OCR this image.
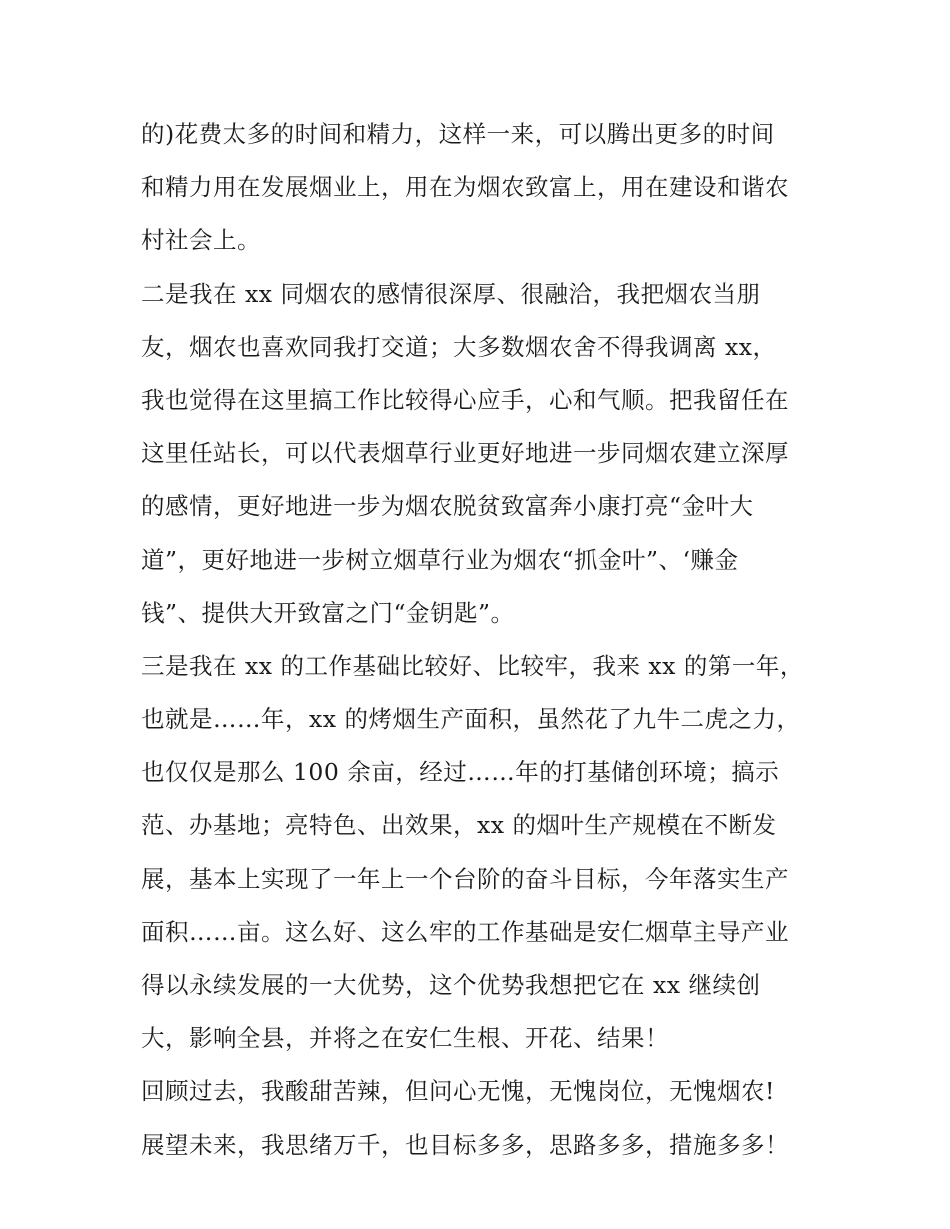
的)花费太多的时间和精力，这样一来，可以腾出更多的时间
和精力用在发展烟业上，用在为烟农致富上，用在建设和谐农
村社会上。
二是我在 xx 同烟农的感情很深厚、很融洽，我把烟农当朋
友，烟农也喜欢同我打交道；大多数烟农舍不得我调离 xx，
我也觉得在这里搞工作比较得心应手，心和气顺。把我留任在
这里任站长，可以代表烟草行业更好地进一步同烟农建立深厚
的感情，更好地进一步为烟农脱贫致富奔小康打亮“金叶大
道”，更好地进一步树立烟草行业为烟农“抓金叶”、‘赚金
钱”、提供大开致富之门“金钥匙”。
三是我在 xx 的工作基础比较好、比较牢，我来 xx 的第一年，
也就是……年，xx 的烤烟生产面积，虽然花了九牛二虎之力，
也仅仅是那么 100 余亩，经过……年的打基储创环境；搞示
范、办基地；亮特色、出效果，xx 的烟叶生产规模在不断发
展，基本上实现了一年上一个台阶的奋斗目标，今年落实生产
面积……亩。这么好、这么牢的工作基础是安仁烟草主导产业
得以永续发展的一大优势，这个优势我想把它在 xx 继续创
大，影响全县，并将之在安仁生根、开花、结果！
回顾过去，我酸甜苦辣，但问心无愧，无愧岗位，无愧烟农!
展望未来，我思绪万千，也目标多多，思路多多，措施多多！
